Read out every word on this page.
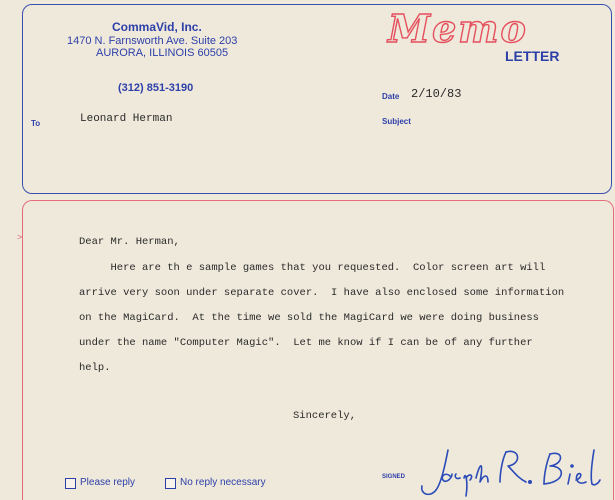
>
CommaVid, Inc.
1470 N. Farnsworth Ave. Suite 203
AURORA, ILLINOIS 60505
(312) 851-3190
Memo
LETTER
To	Leonard Herman
Date 2/10/83
Subject
Dear Mr. Herman,
Here are th e sample games that you requested.  Color screen art will
arrive very soon under separate cover.  I have also enclosed some information
on the MagiCard.  At the time we sold the MagiCard we were doing business
under the name "Computer Magic".  Let me know if I can be of any further
help.
Sincerely,
Please reply	No reply necessary	SIGNED
